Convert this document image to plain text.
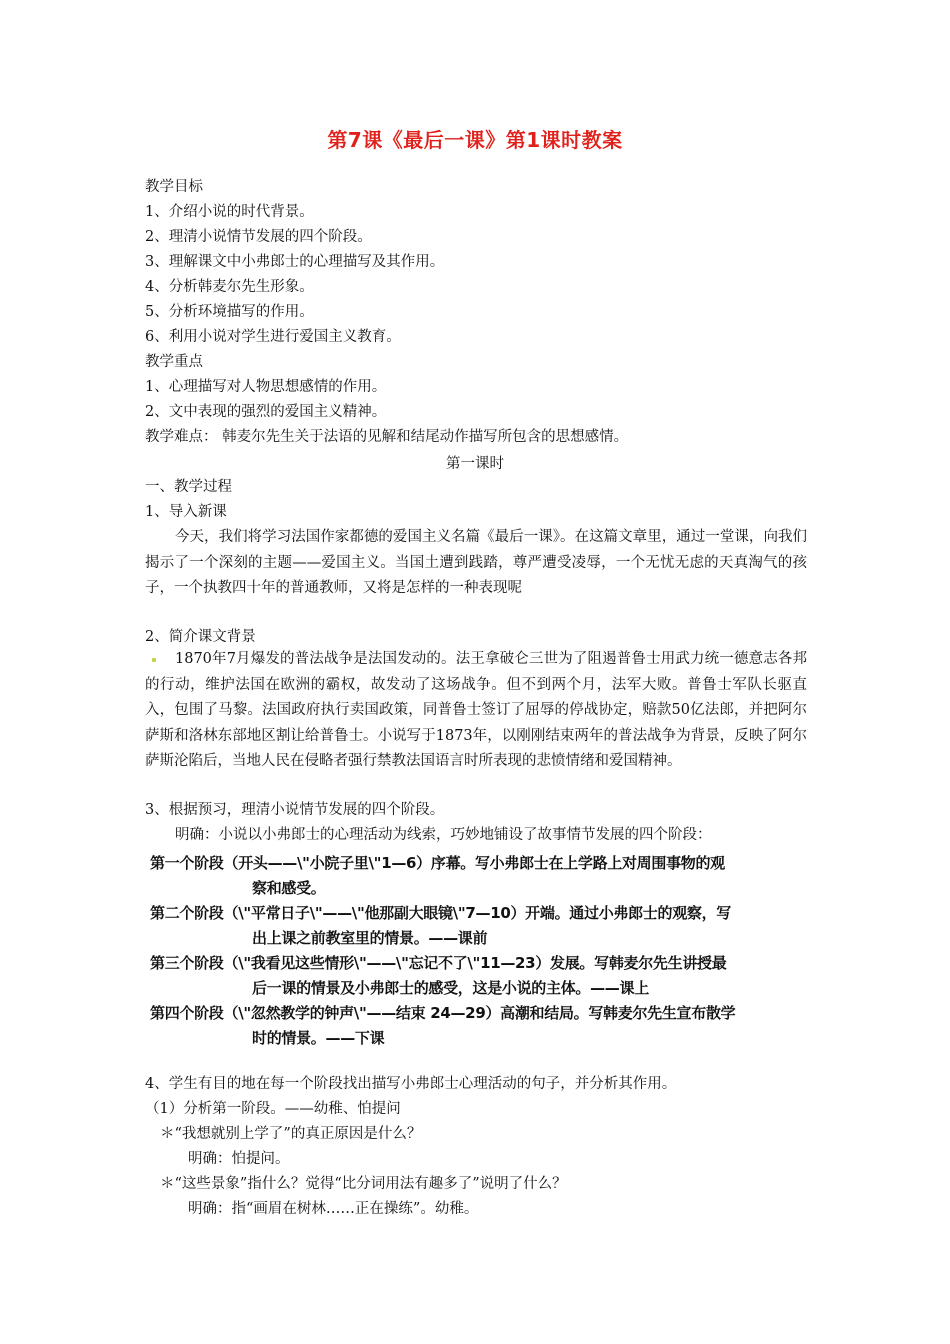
第7课《最后一课》第1课时教案
教学目标
1、介绍小说的时代背景。
2、理清小说情节发展的四个阶段。
3、理解课文中小弗郎士的心理描写及其作用。
4、分析韩麦尔先生形象。
5、分析环境描写的作用。
6、利用小说对学生进行爱国主义教育。
教学重点
1、心理描写对人物思想感情的作用。
2、文中表现的强烈的爱国主义精神。
教学难点： 韩麦尔先生关于法语的见解和结尾动作描写所包含的思想感情。
第一课时
一、教学过程
1、导入新课
今天，我们将学习法国作家都德的爱国主义名篇《最后一课》。在这篇文章里，通过一堂课，向我们揭示了一个深刻的主题——爱国主义。当国土遭到践踏，尊严遭受凌辱，一个无忧无虑的天真淘气的孩子，一个执教四十年的普通教师，又将是怎样的一种表现呢
2、简介课文背景
1870年7月爆发的普法战争是法国发动的。法王拿破仑三世为了阻遏普鲁士用武力统一德意志各邦的行动，维护法国在欧洲的霸权，故发动了这场战争。但不到两个月，法军大败。普鲁士军队长驱直入，包围了马黎。法国政府执行卖国政策，同普鲁士签订了屈辱的停战协定，赔款50亿法郎，并把阿尔萨斯和洛林东部地区割让给普鲁士。小说写于1873年，以刚刚结束两年的普法战争为背景，反映了阿尔萨斯沦陷后，当地人民在侵略者强行禁教法国语言时所表现的悲愤情绪和爱国精神。
3、根据预习，理清小说情节发展的四个阶段。
明确：小说以小弗郎士的心理活动为线索，巧妙地铺设了故事情节发展的四个阶段：
第一个阶段（开头——\"小院子里\"1—6）序幕。写小弗郎士在上学路上对周围事物的观
察和感受。
第二个阶段（\"平常日子\"——\"他那副大眼镜\"7—10）开端。通过小弗郎士的观察，写
出上课之前教室里的情景。——课前
第三个阶段（\"我看见这些情形\"——\"忘记不了\"11—23）发展。写韩麦尔先生讲授最
后一课的情景及小弗郎士的感受，这是小说的主体。——课上
第四个阶段（\"忽然教学的钟声\"——结束 24—29）高潮和结局。写韩麦尔先生宣布散学
时的情景。——下课
4、学生有目的地在每一个阶段找出描写小弗郎士心理活动的句子，并分析其作用。
（1）分析第一阶段。——幼稚、怕提问
＊“我想就别上学了”的真正原因是什么？
明确：怕提问。
＊“这些景象”指什么？觉得“比分词用法有趣多了”说明了什么？
明确：指“画眉在树林……正在操练”。幼稚。
